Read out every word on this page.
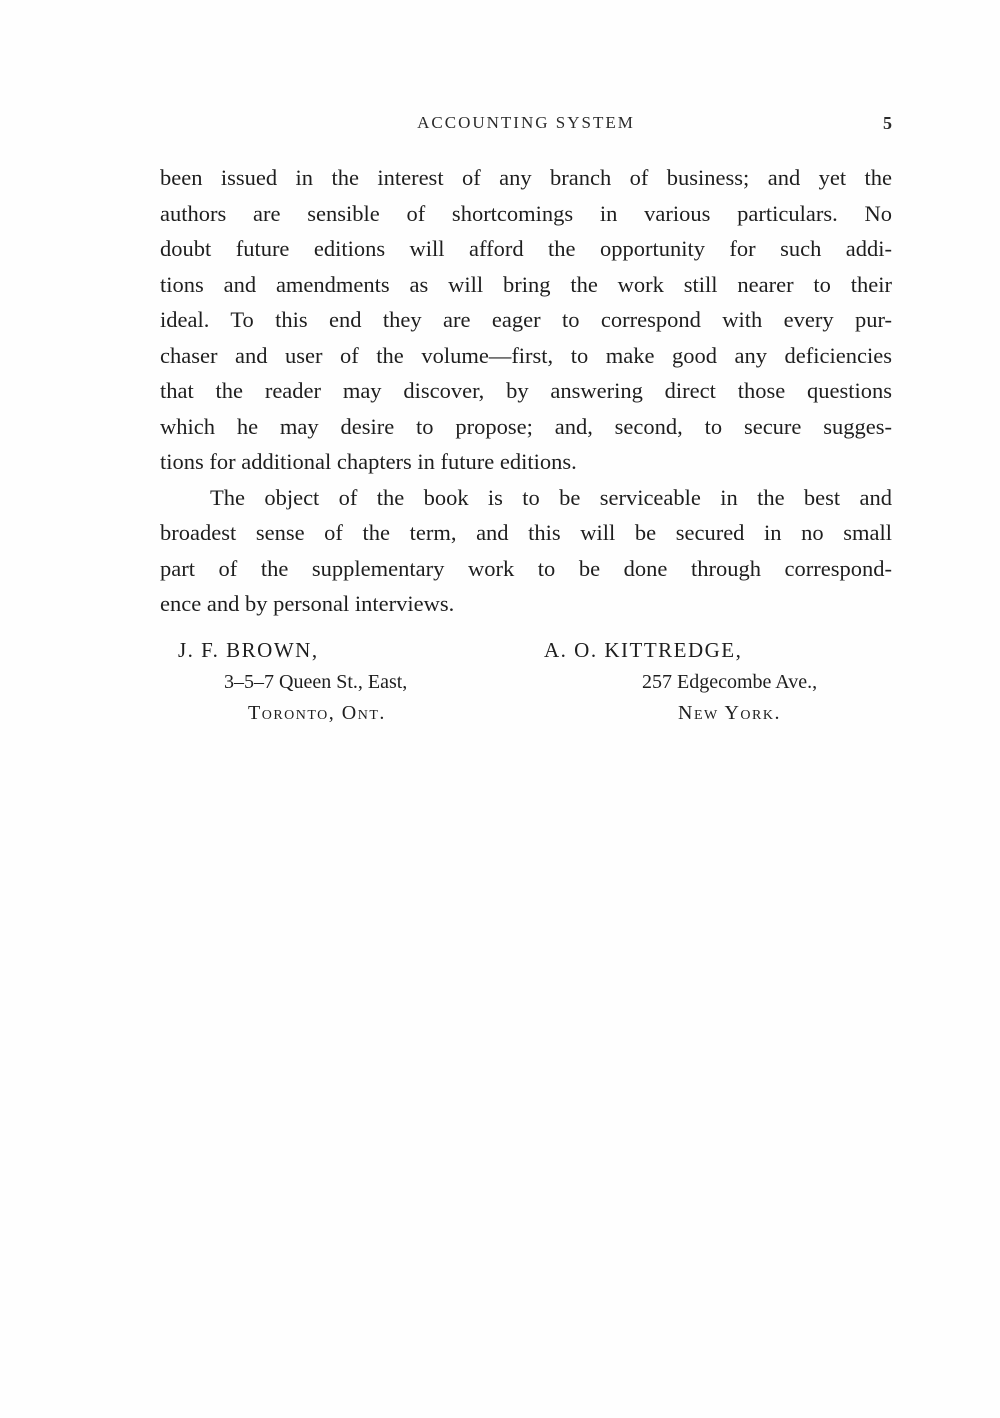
ACCOUNTING SYSTEM	5

been issued in the interest of any branch of business; and yet the
authors are sensible of shortcomings in various particulars. No
doubt future editions will afford the opportunity for such addi-
tions and amendments as will bring the work still nearer to their
ideal. To this end they are eager to correspond with every pur-
chaser and user of the volume—first, to make good any deficiencies
that the reader may discover, by answering direct those questions
which he may desire to propose; and, second, to secure sugges-
tions for additional chapters in future editions.

The object of the book is to be serviceable in the best and
broadest sense of the term, and this will be secured in no small
part of the supplementary work to be done through correspond-
ence and by personal interviews.

J. F. BROWN,
3–5–7 Queen St., East,
Toronto, Ont.
A. O. KITTREDGE,
257 Edgecombe Ave.,
New York.
